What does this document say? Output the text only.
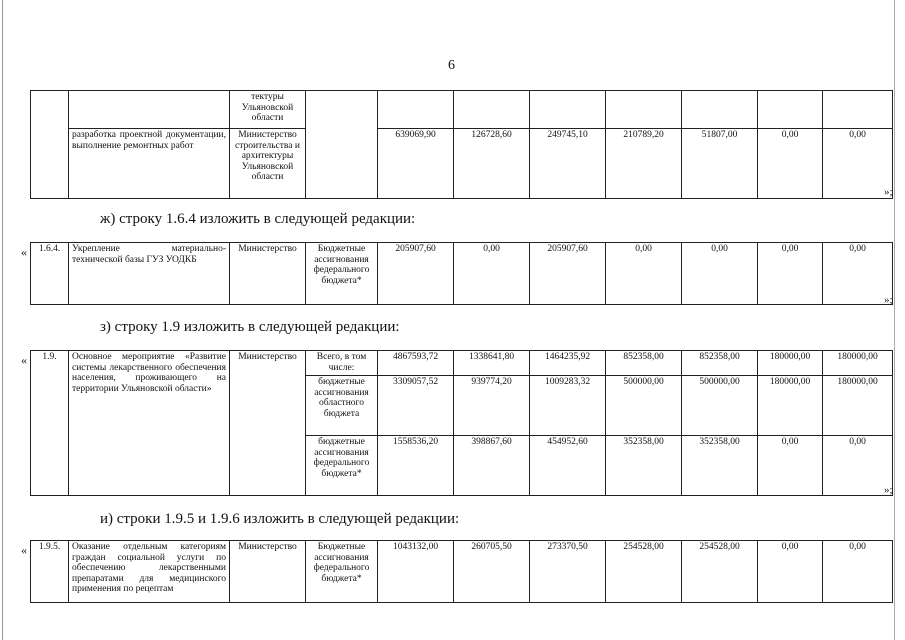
6
		тектуры Ульяновской области								
	разработка проектной документации, выполнение ремонтных работ	Министерство строительства и архитектуры Ульяновской области		639069,90	126728,60	249745,10	210789,20	51807,00	0,00	0,00
»;
ж) строку 1.6.4 изложить в следующей редакции:
« 1.6.4.	Укрепление материально-технической базы ГУЗ УОДКБ	Министерство	Бюджетные ассигнования федерального бюджета*	205907,60	0,00	205907,60	0,00	0,00	0,00	0,00
»;
з) строку 1.9 изложить в следующей редакции:
« 1.9.	Основное мероприятие «Развитие системы лекарственного обеспечения населения, проживающего на территории Ульяновской области»	Министерство	Всего, в том числе:	4867593,72	1338641,80	1464235,92	852358,00	852358,00	180000,00	180000,00
			бюджетные ассигнования областного бюджета	3309057,52	939774,20	1009283,32	500000,00	500000,00	180000,00	180000,00
			бюджетные ассигнования федерального бюджета*	1558536,20	398867,60	454952,60	352358,00	352358,00	0,00	0,00
»;
и) строки 1.9.5 и 1.9.6 изложить в следующей редакции:
« 1.9.5.	Оказание отдельным категориям граждан социальной услуги по обеспечению лекарственными препаратами для медицинского применения по рецептам	Министерство	Бюджетные ассигнования федерального бюджета*	1043132,00	260705,50	273370,50	254528,00	254528,00	0,00	0,00
